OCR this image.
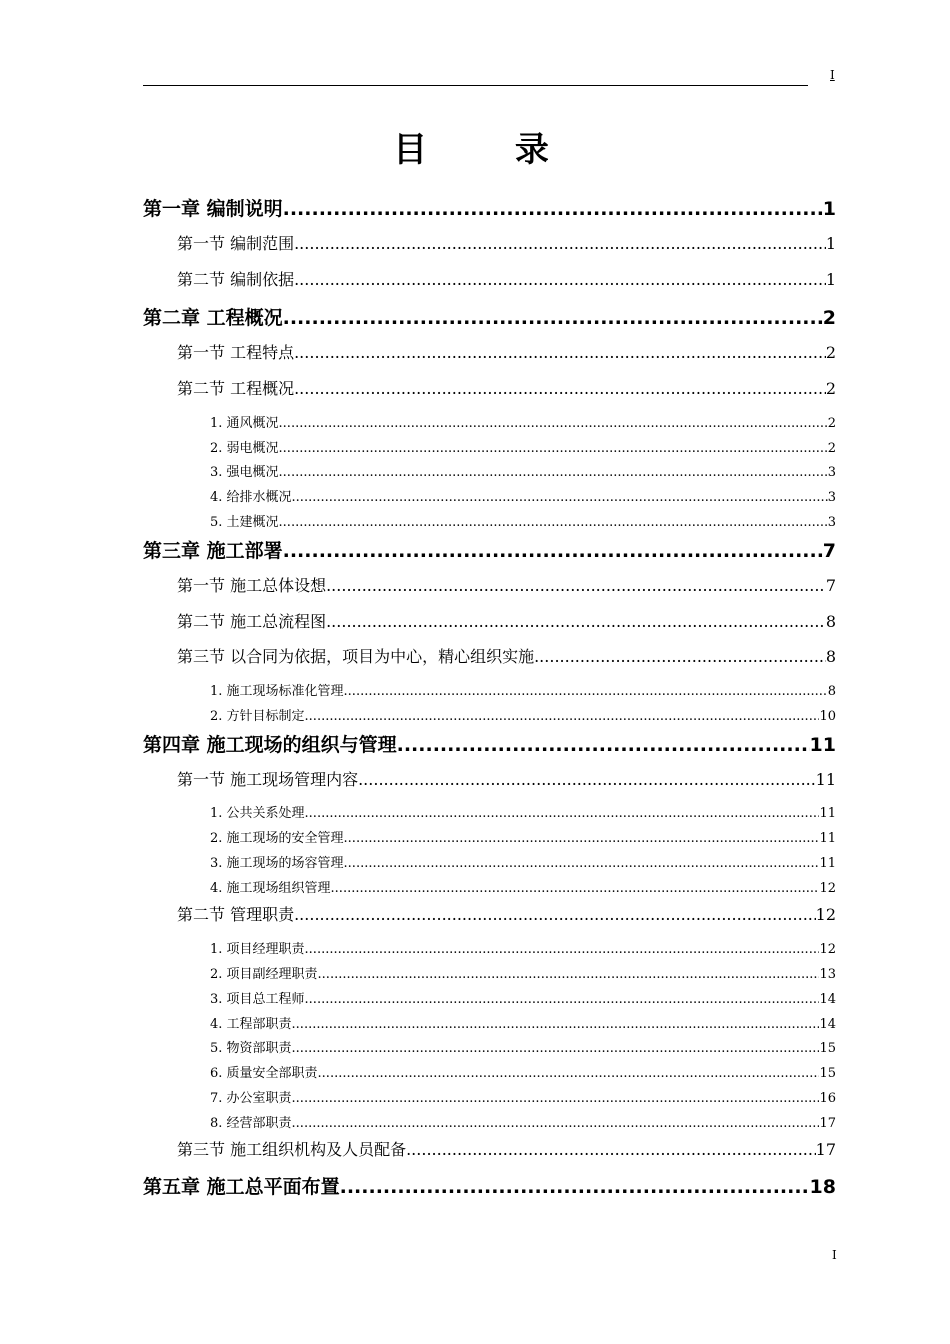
I
目 录
第一章 编制说明 .....	1
第一节 编制范围 .....	1
第二节 编制依据 .....	1
第二章 工程概况 .....	2
第一节 工程特点 .....	2
第二节 工程概况 .....	2
1. 通风概况 .....	2
2. 弱电概况 .....	2
3. 强电概况 .....	3
4. 给排水概况 .....	3
5. 土建概况 .....	3
第三章 施工部署 .....	7
第一节 施工总体设想 .....	7
第二节 施工总流程图 .....	8
第三节 以合同为依据，项目为中心，精心组织实施 .....	8
1. 施工现场标准化管理 .....	8
2. 方针目标制定 .....	10
第四章 施工现场的组织与管理 .....	11
第一节 施工现场管理内容 .....	11
1. 公共关系处理 .....	11
2. 施工现场的安全管理 .....	11
3. 施工现场的场容管理 .....	11
4. 施工现场组织管理 .....	12
第二节 管理职责 .....	12
1. 项目经理职责 .....	12
2. 项目副经理职责 .....	13
3. 项目总工程师 .....	14
4. 工程部职责 .....	14
5. 物资部职责 .....	15
6. 质量安全部职责 .....	15
7. 办公室职责 .....	16
8. 经营部职责 .....	17
第三节 施工组织机构及人员配备 .....	17
第五章 施工总平面布置 .....	18
I
